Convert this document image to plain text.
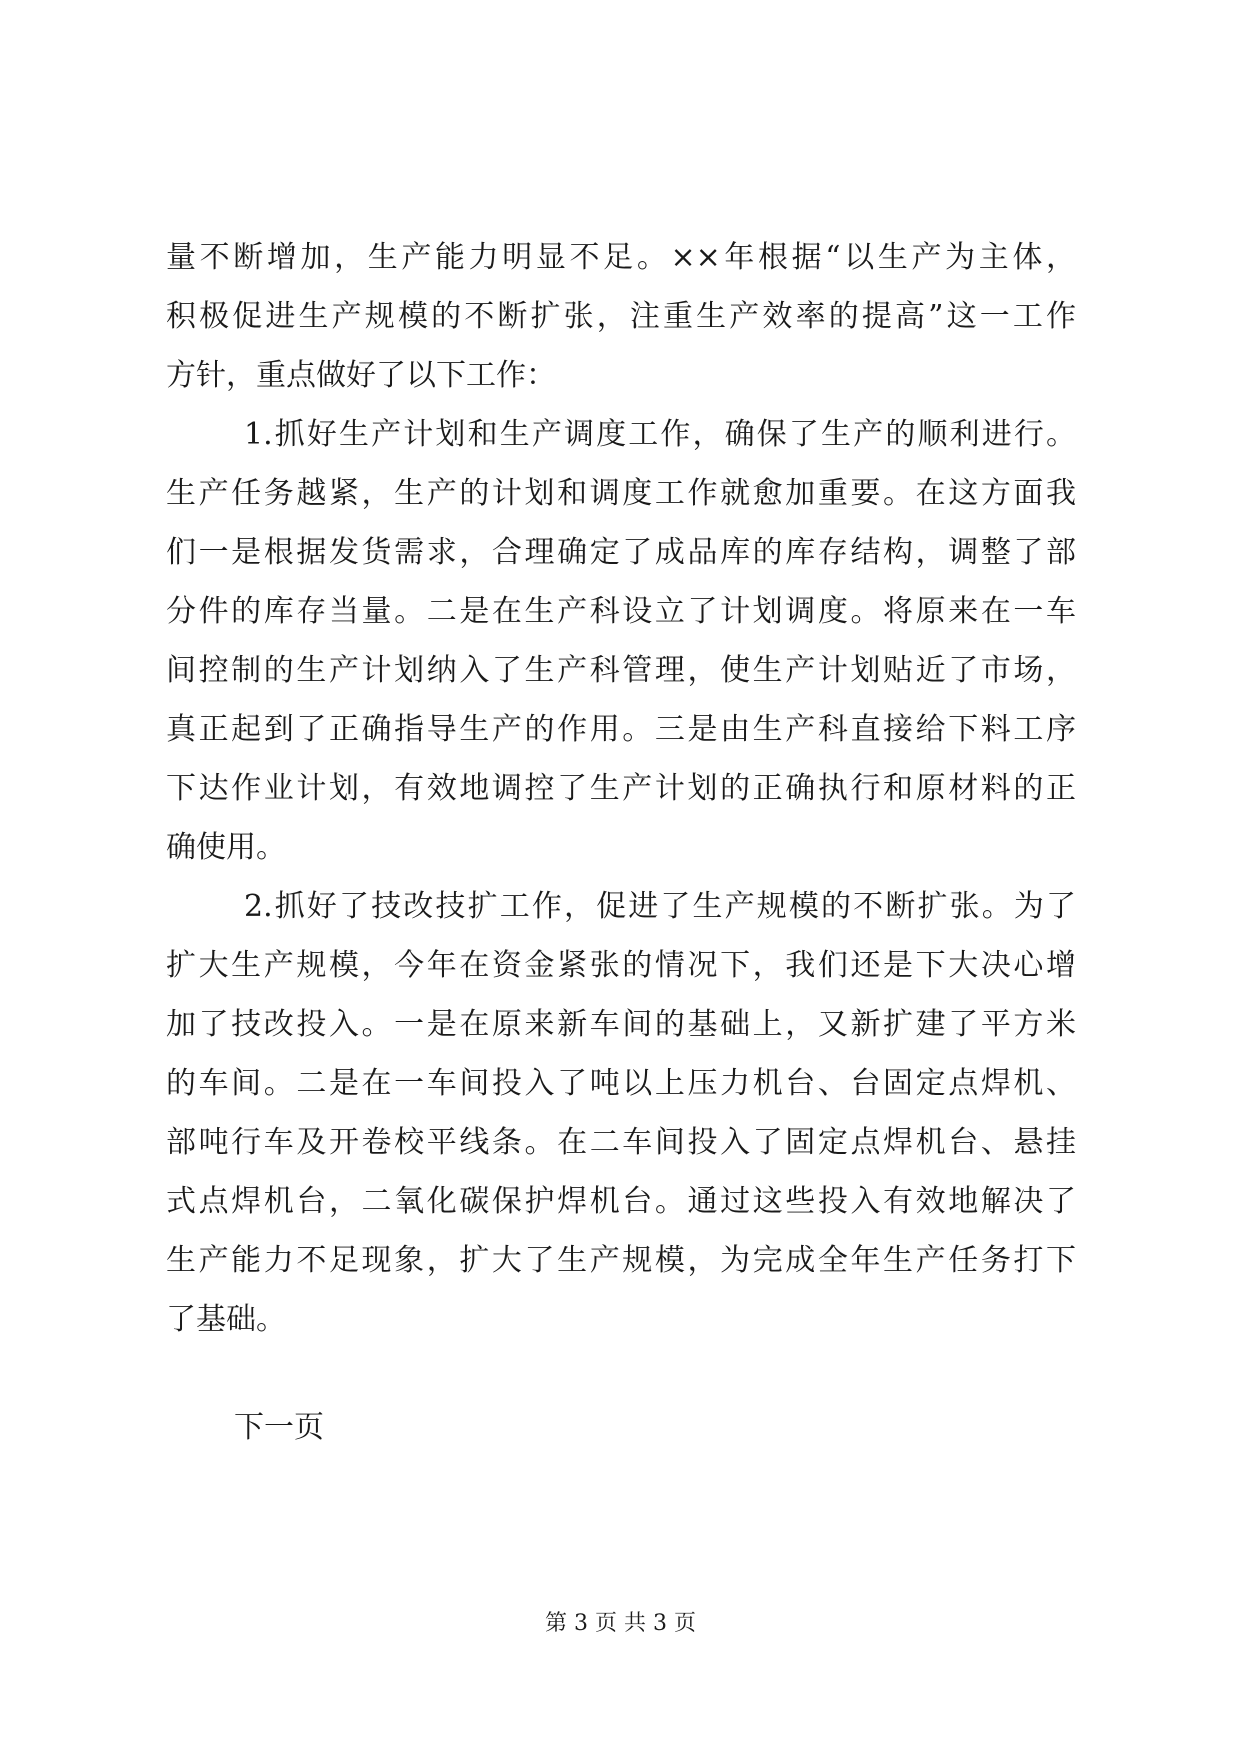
量不断增加，生产能力明显不足。××年根据“以生产为主体，
积极促进生产规模的不断扩张，注重生产效率的提高”这一工作
方针，重点做好了以下工作：
1.抓好生产计划和生产调度工作，确保了生产的顺利进行。
生产任务越紧，生产的计划和调度工作就愈加重要。在这方面我
们一是根据发货需求，合理确定了成品库的库存结构，调整了部
分件的库存当量。二是在生产科设立了计划调度。将原来在一车
间控制的生产计划纳入了生产科管理，使生产计划贴近了市场，
真正起到了正确指导生产的作用。三是由生产科直接给下料工序
下达作业计划，有效地调控了生产计划的正确执行和原材料的正
确使用。
2.抓好了技改技扩工作，促进了生产规模的不断扩张。为了
扩大生产规模，今年在资金紧张的情况下，我们还是下大决心增
加了技改投入。一是在原来新车间的基础上，又新扩建了平方米
的车间。二是在一车间投入了吨以上压力机台、台固定点焊机、
部吨行车及开卷校平线条。在二车间投入了固定点焊机台、悬挂
式点焊机台，二氧化碳保护焊机台。通过这些投入有效地解决了
生产能力不足现象，扩大了生产规模，为完成全年生产任务打下
了基础。
下一页
第 3 页 共 3 页
